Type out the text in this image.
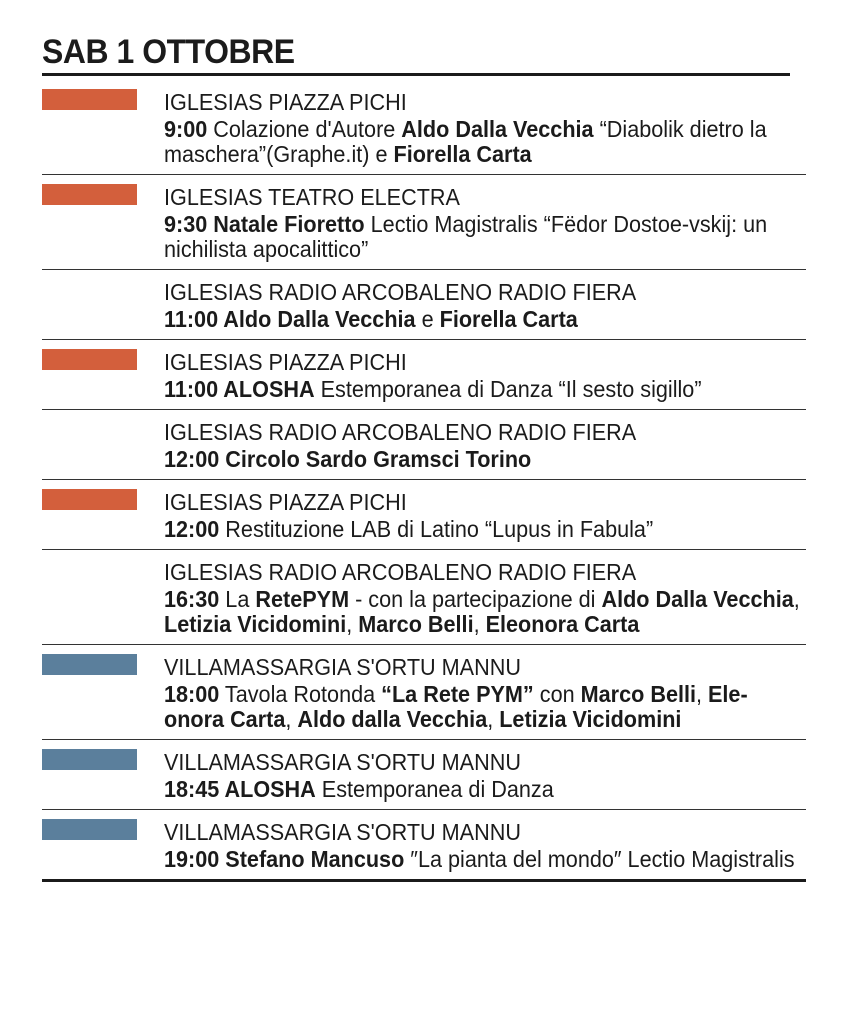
SAB 1 OTTOBRE
IGLESIAS PIAZZA PICHI
9:00 Colazione d'Autore Aldo Dalla Vecchia “Diabolik dietro la maschera”(Graphe.it) e Fiorella Carta
IGLESIAS TEATRO ELECTRA
9:30 Natale Fioretto Lectio Magistralis “Fëdor Dostoe-vskij: un nichilista apocalittico”
IGLESIAS RADIO ARCOBALENO RADIO FIERA
11:00 Aldo Dalla Vecchia e Fiorella Carta
IGLESIAS PIAZZA PICHI
11:00 ALOSHA Estemporanea di Danza “Il sesto sigillo”
IGLESIAS RADIO ARCOBALENO RADIO FIERA
12:00 Circolo Sardo Gramsci Torino
IGLESIAS PIAZZA PICHI
12:00 Restituzione LAB di Latino “Lupus in Fabula”
IGLESIAS RADIO ARCOBALENO RADIO FIERA
16:30 La RetePYM - con la partecipazione di Aldo Dalla Vecchia, Letizia Vicidomini, Marco Belli, Eleonora Carta
VILLAMASSARGIA S'ORTU MANNU
18:00 Tavola Rotonda “La Rete PYM” con Marco Belli, Ele-onora Carta, Aldo dalla Vecchia, Letizia Vicidomini
VILLAMASSARGIA S'ORTU MANNU
18:45 ALOSHA Estemporanea di Danza
VILLAMASSARGIA S'ORTU MANNU
19:00 Stefano Mancuso ″La pianta del mondo″ Lectio Magistralis
